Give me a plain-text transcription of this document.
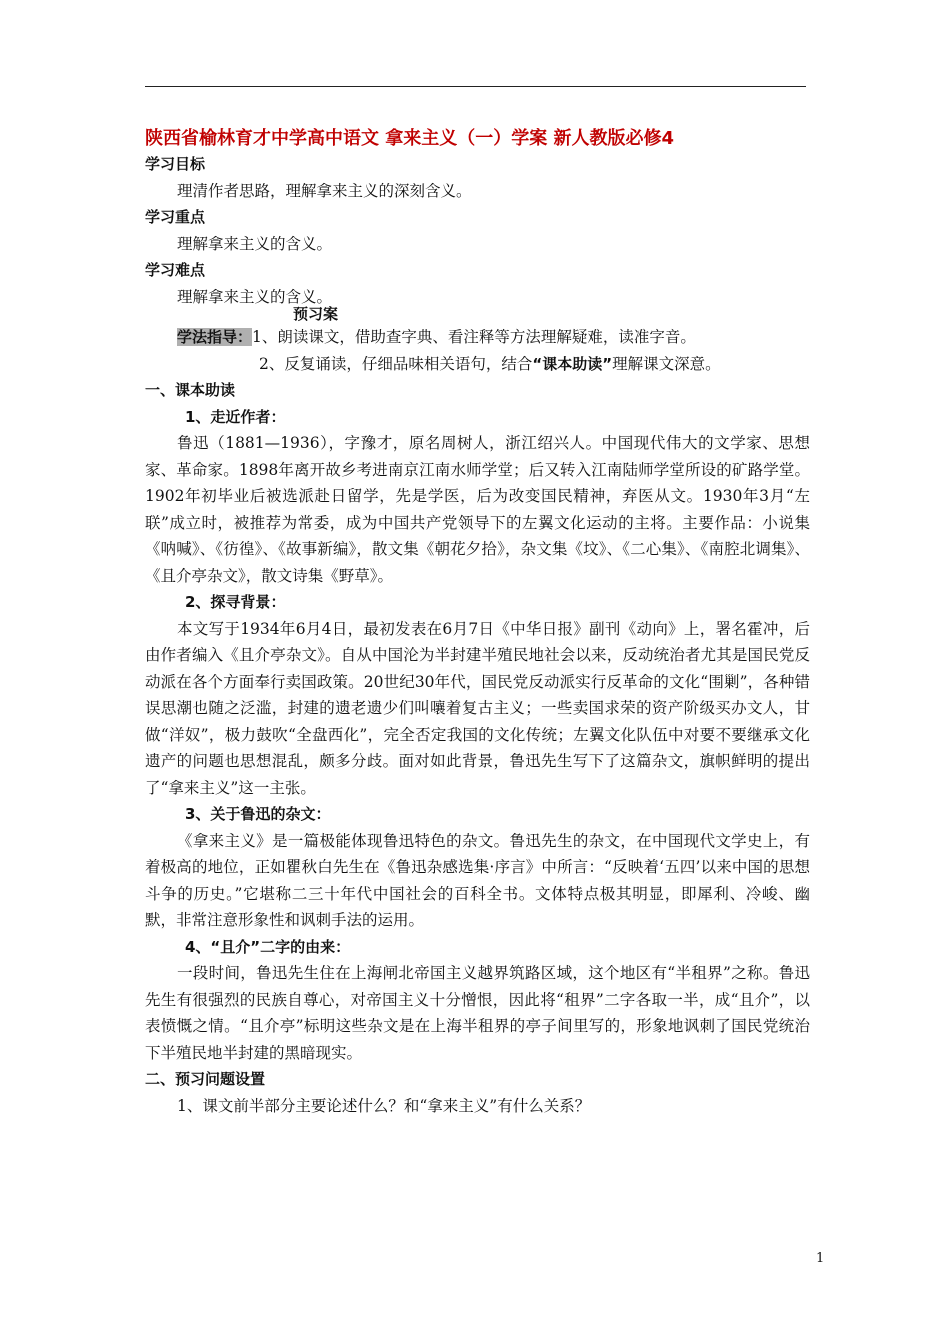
陕西省榆林育才中学高中语文 拿来主义（一）学案 新人教版必修4
学习目标
理清作者思路，理解拿来主义的深刻含义。
学习重点
理解拿来主义的含义。
学习难点
理解拿来主义的含义。
预习案
学法指导：1、朗读课文，借助查字典、看注释等方法理解疑难，读准字音。
2、反复诵读，仔细品味相关语句，结合“课本助读”理解课文深意。
一、课本助读
1、走近作者：
鲁迅（1881—1936），字豫才，原名周树人，浙江绍兴人。中国现代伟大的文学家、思想家、革命家。1898年离开故乡考进南京江南水师学堂；后又转入江南陆师学堂所设的矿路学堂。1902年初毕业后被选派赴日留学，先是学医，后为改变国民精神，弃医从文。1930年3月“左联”成立时，被推荐为常委，成为中国共产党领导下的左翼文化运动的主将。主要作品：小说集《呐喊》、《彷徨》、《故事新编》，散文集《朝花夕拾》，杂文集《坟》、《二心集》、《南腔北调集》、《且介亭杂文》，散文诗集《野草》。
2、探寻背景：
本文写于1934年6月4日，最初发表在6月7日《中华日报》副刊《动向》上，署名霍冲，后由作者编入《且介亭杂文》。自从中国沦为半封建半殖民地社会以来，反动统治者尤其是国民党反动派在各个方面奉行卖国政策。20世纪30年代，国民党反动派实行反革命的文化“围剿”，各种错误思潮也随之泛滥，封建的遗老遗少们叫嚷着复古主义；一些卖国求荣的资产阶级买办文人，甘做“洋奴”，极力鼓吹“全盘西化”，完全否定我国的文化传统；左翼文化队伍中对要不要继承文化遗产的问题也思想混乱，颇多分歧。面对如此背景，鲁迅先生写下了这篇杂文，旗帜鲜明的提出了“拿来主义”这一主张。
3、关于鲁迅的杂文：
《拿来主义》是一篇极能体现鲁迅特色的杂文。鲁迅先生的杂文，在中国现代文学史上，有着极高的地位，正如瞿秋白先生在《鲁迅杂感选集·序言》中所言：“反映着‘五四’以来中国的思想斗争的历史。”它堪称二三十年代中国社会的百科全书。文体特点极其明显，即犀利、冷峻、幽默，非常注意形象性和讽刺手法的运用。
4、“且介”二字的由来：
一段时间，鲁迅先生住在上海闸北帝国主义越界筑路区域，这个地区有“半租界”之称。鲁迅先生有很强烈的民族自尊心，对帝国主义十分憎恨，因此将“租界”二字各取一半，成“且介”，以表愤慨之情。“且介亭”标明这些杂文是在上海半租界的亭子间里写的，形象地讽刺了国民党统治下半殖民地半封建的黑暗现实。
二、预习问题设置
1、课文前半部分主要论述什么？和“拿来主义”有什么关系？
1
